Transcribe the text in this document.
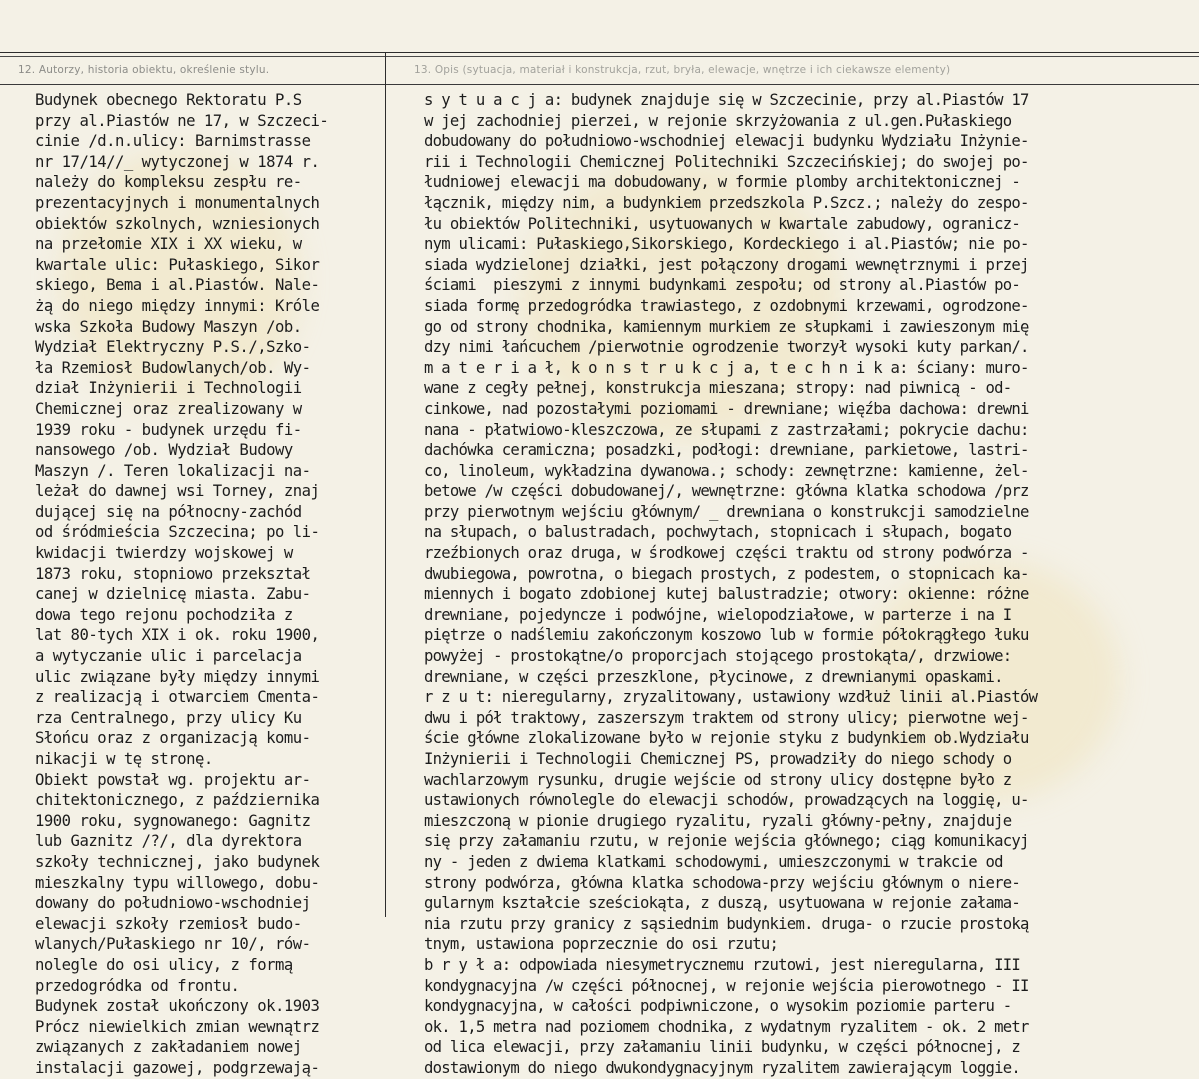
12. Autorzy, historia obiektu, określenie stylu.	13. Opis (sytuacja, materiał i konstrukcja, rzut, bryła, elewacje, wnętrze i ich ciekawsze elementy)
Budynek obecnego Rektoratu P.S
przy al.Piastów ne 17, w Szczeci-
cinie /d.n.ulicy: Barnimstrasse
nr 17/14//_ wytyczonej w 1874 r.
należy do kompleksu zespłu re-
prezentacyjnych i monumentalnych
obiektów szkolnych, wzniesionych
na przełomie XIX i XX wieku, w
kwartale ulic: Pułaskiego, Sikor
skiego, Bema i al.Piastów. Nale-
żą do niego między innymi: Króle
wska Szkoła Budowy Maszyn /ob.
Wydział Elektryczny P.S./,Szko-
ła Rzemiosł Budowlanych/ob. Wy-
dział Inżynierii i Technologii
Chemicznej oraz zrealizowany w
1939 roku - budynek urzędu fi-
nansowego /ob. Wydział Budowy
Maszyn /. Teren lokalizacji na-
leżał do dawnej wsi Torney, znaj
dującej się na północny-zachód
od śródmieścia Szczecina; po li-
kwidacji twierdzy wojskowej w
1873 roku, stopniowo przekształ
canej w dzielnicę miasta. Zabu-
dowa tego rejonu pochodziła z
lat 80-tych XIX i ok. roku 1900,
a wytyczanie ulic i parcelacja
ulic związane były między innymi
z realizacją i otwarciem Cmenta-
rza Centralnego, przy ulicy Ku
Słońcu oraz z organizacją komu-
nikacji w tę stronę.
Obiekt powstał wg. projektu ar-
chitektonicznego, z października
1900 roku, sygnowanego: Gagnitz
lub Gaznitz /?/, dla dyrektora
szkoły technicznej, jako budynek
mieszkalny typu willowego, dobu-
dowany do południowo-wschodniej
elewacji szkoły rzemiosł budo-
wlanych/Pułaskiego nr 10/, rów-
nolegle do osi ulicy, z formą
przedogródka od frontu.
Budynek został ukończony ok.1903
Prócz niewielkich zmian wewnątrz
związanych z zakładaniem nowej
instalacji gazowej, podgrzewają-
s y t u a c j a: budynek znajduje się w Szczecinie, przy al.Piastów 17
w jej zachodniej pierzei, w rejonie skrzyżowania z ul.gen.Pułaskiego
dobudowany do południowo-wschodniej elewacji budynku Wydziału Inżynie-
rii i Technologii Chemicznej Politechniki Szczecińskiej; do swojej po-
łudniowej elewacji ma dobudowany, w formie plomby architektonicznej -
łącznik, między nim, a budynkiem przedszkola P.Szcz.; należy do zespo-
łu obiektów Politechniki, usytuowanych w kwartale zabudowy, ogranicz-
nym ulicami: Pułaskiego,Sikorskiego, Kordeckiego i al.Piastów; nie po-
siada wydzielonej działki, jest połączony drogami wewnętrznymi i przej
ściami  pieszymi z innymi budynkami zespołu; od strony al.Piastów po-
siada formę przedogródka trawiastego, z ozdobnymi krzewami, ogrodzone-
go od strony chodnika, kamiennym murkiem ze słupkami i zawieszonym mię
dzy nimi łańcuchem /pierwotnie ogrodzenie tworzył wysoki kuty parkan/.
m a t e r i a ł, k o n s t r u k c j a, t e c h n i k a: ściany: muro-
wane z cegły pełnej, konstrukcja mieszana; stropy: nad piwnicą - od-
cinkowe, nad pozostałymi poziomami - drewniane; więźba dachowa: drewni
nana - płatwiowo-kleszczowa, ze słupami z zastrzałami; pokrycie dachu:
dachówka ceramiczna; posadzki, podłogi: drewniane, parkietowe, lastri-
co, linoleum, wykładzina dywanowa.; schody: zewnętrzne: kamienne, żel-
betowe /w części dobudowanej/, wewnętrzne: główna klatka schodowa /prz
przy pierwotnym wejściu głównym/ _ drewniana o konstrukcji samodzielne
na słupach, o balustradach, pochwytach, stopnicach i słupach, bogato
rzeźbionych oraz druga, w środkowej części traktu od strony podwórza -
dwubiegowa, powrotna, o biegach prostych, z podestem, o stopnicach ka-
miennych i bogato zdobionej kutej balustradzie; otwory: okienne: różne
drewniane, pojedyncze i podwójne, wielopodziałowe, w parterze i na I
piętrze o nadślemiu zakończonym koszowo lub w formie półokrągłego łuku
powyżej - prostokątne/o proporcjach stojącego prostokąta/, drzwiowe:
drewniane, w części przeszklone, płycinowe, z drewnianymi opaskami.
r z u t: nieregularny, zryzalitowany, ustawiony wzdłuż linii al.Piastów
dwu i pół traktowy, zaszerszym traktem od strony ulicy; pierwotne wej-
ście główne zlokalizowane było w rejonie styku z budynkiem ob.Wydziału
Inżynierii i Technologii Chemicznej PS, prowadziły do niego schody o
wachlarzowym rysunku, drugie wejście od strony ulicy dostępne było z
ustawionych równolegle do elewacji schodów, prowadzących na loggię, u-
mieszczoną w pionie drugiego ryzalitu, ryzali główny-pełny, znajduje
się przy załamaniu rzutu, w rejonie wejścia głównego; ciąg komunikacyj
ny - jeden z dwiema klatkami schodowymi, umieszczonymi w trakcie od
strony podwórza, główna klatka schodowa-przy wejściu głównym o niere-
gularnym kształcie sześciokąta, z duszą, usytuowana w rejonie załama-
nia rzutu przy granicy z sąsiednim budynkiem. druga- o rzucie prostoką
tnym, ustawiona poprzecznie do osi rzutu;
b r y ł a: odpowiada niesymetrycznemu rzutowi, jest nieregularna, III
kondygnacyjna /w części północnej, w rejonie wejścia pierowotnego - II
kondygnacyjna, w całości podpiwniczone, o wysokim poziomie parteru -
ok. 1,5 metra nad poziomem chodnika, z wydatnym ryzalitem - ok. 2 metr
od lica elewacji, przy załamaniu linii budynku, w części północnej, z
dostawionym do niego dwukondygnacyjnym ryzalitem zawierającym loggie.
